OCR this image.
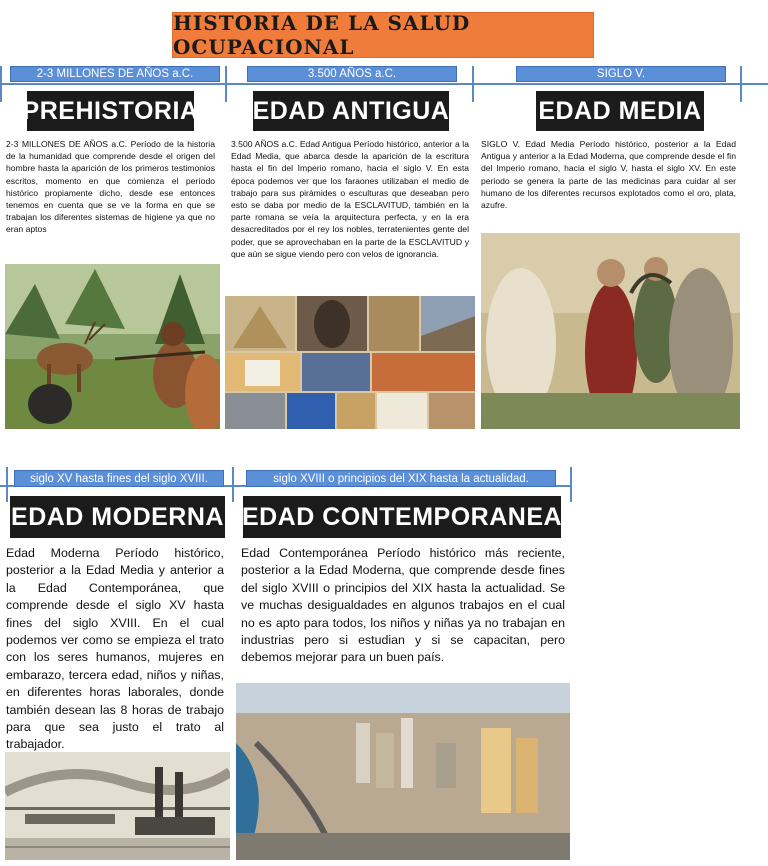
HISTORIA DE LA SALUD OCUPACIONAL
2-3 MILLONES DE AÑOS a.C.	3.500 AÑOS a.C.	SIGLO V.
PREHISTORIA EDAD ANTIGUA	EDAD MEDIA
2-3 MILLONES DE AÑOS a.C. Período de la historia de la humanidad que comprende desde el origen del hombre hasta la aparición de los primeros testimonios escritos, momento en que comienza el período histórico propiamente dicho, desde ese entonces tenemos en cuenta que se ve la forma en que se trabajan los diferentes sistemas de higiene ya que no eran aptos
3.500 AÑOS a.C. Edad Antigua Período histórico, anterior a la Edad Media, que abarca desde la aparición de la escritura hasta el fin del Imperio romano, hacia el siglo V. En esta época podemos ver que los faraones utilizaban el medio de trabajo para sus pirámides o esculturas que deseaban pero esto se daba por medio de la ESCLAVITUD, también en la parte romana se veía la arquitectura perfecta, y en la era desacreditados por el rey los nobles, terratenientes gente del poder, que se aprovechaban en la parte de la ESCLAVITUD y que aún se sigue viendo pero con velos de ignorancia.
SIGLO V. Edad Media Período histórico, posterior a la Edad Antigua y anterior a la Edad Moderna, que comprende desde el fin del Imperio romano, hacia el siglo V, hasta el siglo XV. En este periodo se genera la parte de las medicinas para cuidar al ser humano de los diferentes recursos explotados como el oro, plata, azufre.
siglo XV hasta fines del siglo XVIII.	siglo XVIII o principios del XIX hasta la actualidad.
EDAD MODERNA EDAD CONTEMPORANEA
Edad Moderna Período histórico, posterior a la Edad Media y anterior a la Edad Contemporánea, que comprende desde el siglo XV hasta fines del siglo XVIII. En el cual podemos ver como se empieza el trato con los seres humanos, mujeres en embarazo, tercera edad, niños y niñas, en diferentes horas laborales, donde también desean las 8 horas de trabajo para que sea justo el trato al trabajador.
Edad Contemporánea Período histórico más reciente, posterior a la Edad Moderna, que comprende desde fines del siglo XVIII o principios del XIX hasta la actualidad. Se ve muchas desigualdades en algunos trabajos en el cual no es apto para todos, los niños y niñas ya no trabajan en industrias pero si estudian y si se capacitan, pero debemos mejorar para un buen país.
